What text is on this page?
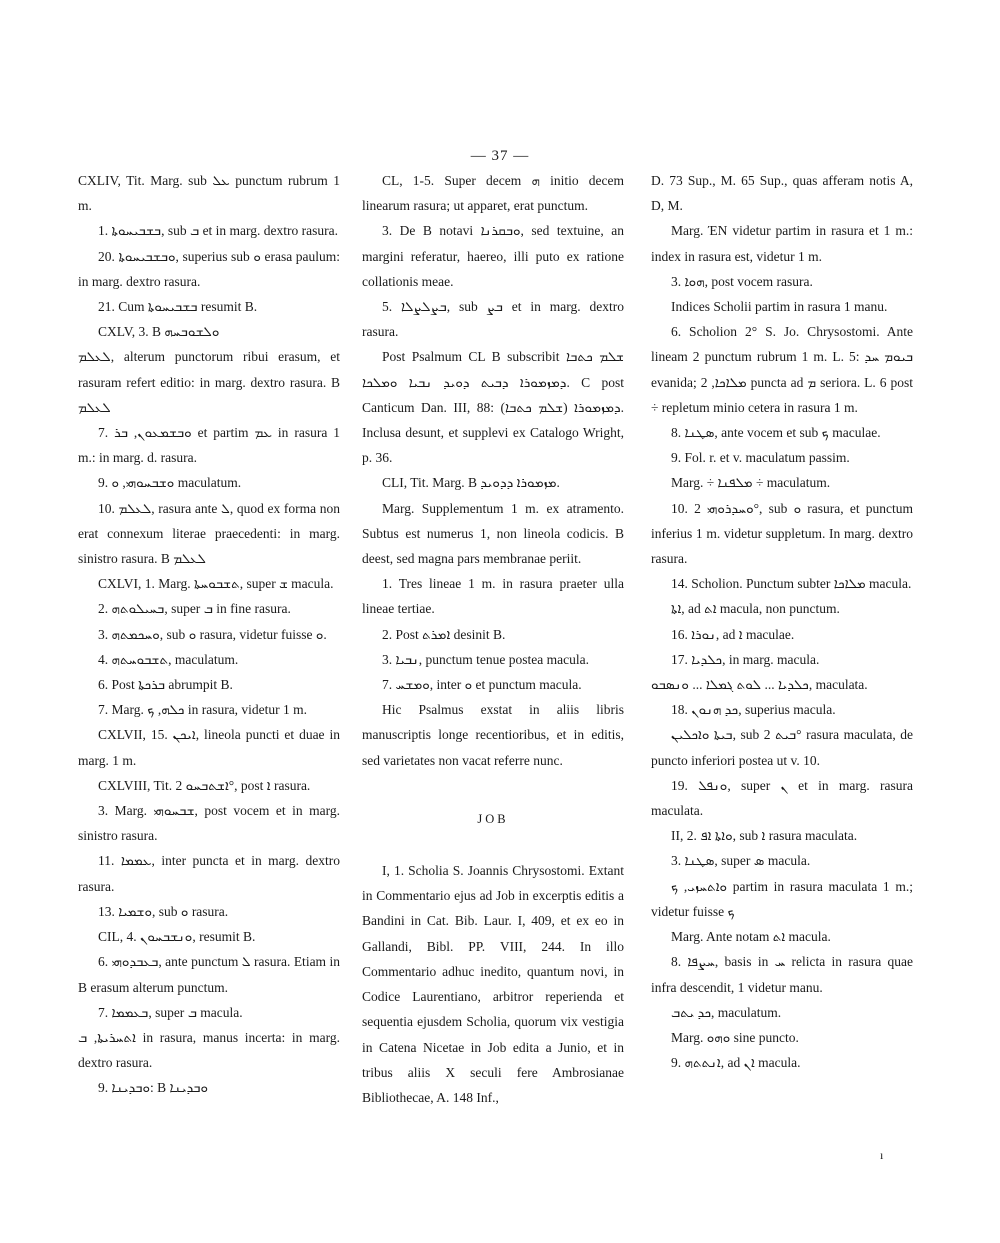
— 37 —

CXLIV, Tit. Marg. sub ܥܠ punctum rubrum 1 m.

1. ܒܫܒܝܚܘܬܐ, sub ܒ et in marg. dextro rasura.

20. ܘܒܫܒܝܚܘܬܐ, superius sub ܘ erasa paulum: in marg. dextro rasura.

21. Cum ܒܫܒܝܚܘܬܐ resumit B.

CXLV, 3. B ܘܠܫܘܒܚܗ

ܠܥܠܡ, alterum punctorum ribui erasum, et rasuram refert editio: in marg. dextro rasura. B ܠܥܠܡ

7. ܘܒܫܡܥܘܢ, ܒܪ et partim ܥܡ in rasura 1 m.: in marg. d. rasura.

9. ܘܫܒܚܘܗܝ, ܘ maculatum.

10. ܠܥܠܡ, rasura ante ܠ, quod ex forma non erat connexum literae praecedenti: in marg. sinistro rasura. B ܠܥܠܡ

CXLVI, 1. Marg. ܬܫܒܘܚܬܐ, super ܫ macula.

2. ܒܚܝܠܘܬܗ, super ܒ in fine rasura.

3. ܘܚܟܡܬܗ, sub ܘ rasura, videtur fuisse ܘ.

4. ܬܫܒܘܚܬܗ, maculatum.

6. Post ܒܪܟܬܐ abrumpit B.

7. Marg. ܟܠܗ, ܟ in rasura, videtur 1 m.

CXLVII, 15. ܐܝܟܢ, lineola puncti et duae in marg. 1 m.

CXLVIII, Tit. ܐܫܬܒܚܘ 2°, post ܐ rasura.

3. Marg. ܫܒܚܘܗܝ, post vocem et in marg. sinistro rasura.

11. ܥܡܡܐ, inter puncta et in marg. dextro rasura.

13. ܘܫܡܝܐ, sub ܘ rasura.

CIL, 4. ܘܢܫܒܚܘܢ, resumit B.

6. ܒܥܒܕܘܗܝ, ante punctum ܠ rasura. Etiam in B erasum alterum punctum.

7. ܒܥܡܡܐ, super ܒ macula.

ܐܬܚܪܝܬܐ, ܒ in rasura, manus incerta: in marg. dextro rasura.

9. ܘܒܕܝܢܐ: B ܘܒܕܝܢܐ

CL, 1-5. Super decem ܗ initio decem linearum rasura; ut apparet, erat punctum.

3. De B notavi ܘܒܩܪܢܐ, sed textuine, an margini referatur, haereo, illi puto ex ratione collationis meae.

5. ܒܨܠܨܠܐ, sub ܒܨ et in marg. dextro rasura.

Post Psalmum CL B subscribit ܫܠܡ ܟܬܒܐ ܕܡܙܡܘܪܐ ܕܒܝܬ ܕܘܝܕ ܢܒܝܐ ܘܡܠܟܐ. C post Canticum Dan. III, 88: (ܫܠܡ ܟܬܒܐ) ܕܡܙܡܘܪܐ. Inclusa desunt, et supplevi ex Catalogo Wright, p. 36.

CLI, Tit. Marg. B ܡܙܡܘܪܐ ܕܕܘܝܕ.

Marg. Supplementum 1 m. ex atramento. Subtus est numerus 1, non lineola codicis. B deest, sed magna pars membranae periit.

1. Tres lineae 1 m. in rasura praeter ulla lineae tertiae.

2. Post ܐܡܪܬ desinit B.

3. ܢܒܝܐ, punctum tenue postea macula.

7. ܘܡܫܚ, inter ܘ et punctum macula.

Hic Psalmus exstat in aliis libris manuscriptis longe recentioribus, et in editis, sed varietates non vacat referre nunc.

JOB

I, 1. Scholia S. Joannis Chrysostomi. Extant in Commentario ejus ad Job in excerptis editis a Bandini in Cat. Bib. Laur. I, 409, et ex eo in Gallandi, Bibl. PP. VIII, 244. In illo Commentario adhuc inedito, quantum novi, in Codice Laurentiano, arbitror reperienda et sequentia ejusdem Scholia, quorum vix vestigia in Catena Nicetae in Job edita a Junio, et in tribus aliis X seculi fere Ambrosianae Bibliothecae, A. 148 Inf.,

D. 73 Sup., M. 65 Sup., quas afferam notis A, D, M.

Marg. ΈΝ videtur partim in rasura et 1 m.: index in rasura est, videtur 1 m.

3. ܗܘܐ, post vocem rasura.

Indices Scholii partim in rasura 1 manu.

6. Scholion 2° S. Jo. Chrysostomi. Ante lineam 2 punctum rubrum 1 m. L. 5: ܒܝܘܡ ܚܕ evanida; ܡܠܐܟܐ, 2 puncta ad ܡ seriora. L. 6 post ÷ repletum minio cetera in rasura 1 m.

8. ܣܛܢܐ, ante vocem et sub ܟ maculae.

9. Fol. r. et v. maculatum passim.

Marg. ÷ ܡܠܦܢܐ ÷ maculatum.

10. ܘܚܕܪܘܗܝ 2°, sub ܘ rasura, et punctum inferius 1 m. videtur suppletum. In marg. dextro rasura.

14. Scholion. Punctum subter ܡܠܐܟܐ macula.

ܐܬܐ, ad ܐܬ macula, non punctum.

16. ܢܘܪܐ, ad ܐ maculae.

17. ܟܠܕܝܐ, in marg. macula.

ܟܠܕܝܐ ... ܠܘܬ ܓܡܠܐ ... ܘܢܣܒܘ, maculata.

18. ܟܕ ܗܢܘܢ, superius macula.

ܒܝܬܐ ܘܐܟܠܝܢ, sub ܒܝܬ 2° rasura maculata, de puncto inferiori postea ut v. 10.

19. ܘܢܦܠ, super ܢ et in marg. rasura maculata.

II, 2. ܘܐܬܐ ܐܦ, sub ܐ rasura maculata.

3. ܣܛܢܐ, super ܣ macula.

ܘܐܬܚܙܝ, ܟ partim in rasura maculata 1 m.; videtur fuisse ܟ

Marg. Ante notam ܐܬ macula.

8. ܚܨܦܐ, basis in ܚ relicta in rasura quae infra descendit, 1 videtur manu.

ܟܕ ܝܬܒ, maculatum.

Marg. ܘܗܘ sine puncto.

9. ܐܢܬܬܗ, ad ܐܢ macula.

ı
